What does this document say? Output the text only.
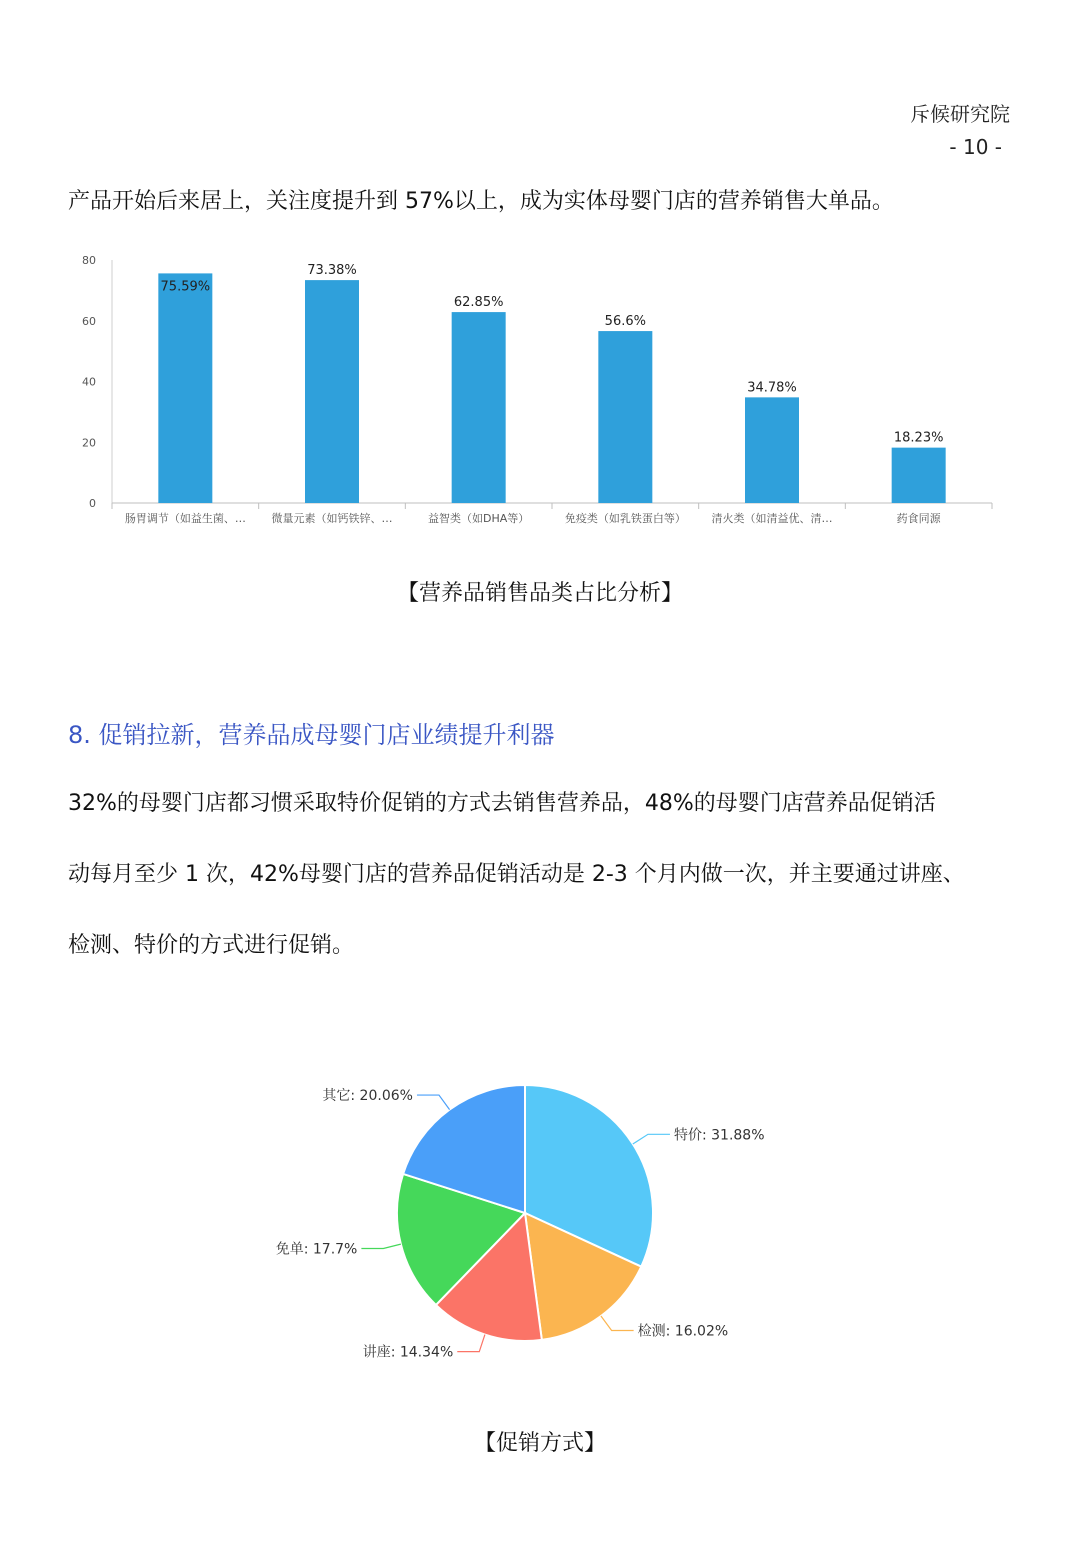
斥候研究院
- 10 -
产品开始后来居上，关注度提升到 57%以上，成为实体母婴门店的营养销售大单品。
0
20
40
60
80
75.59%
肠胃调节（如益生菌、…
73.38%
微量元素（如钙铁锌、…
62.85%
益智类（如DHA等）
56.6%
免疫类（如乳铁蛋白等）
34.78%
清火类（如清益优、清…
18.23%
药食同源
【营养品销售品类占比分析】
8. 促销拉新，营养品成母婴门店业绩提升利器
32%的母婴门店都习惯采取特价促销的方式去销售营养品，48%的母婴门店营养品促销活
动每月至少 1 次，42%母婴门店的营养品促销活动是 2-3 个月内做一次，并主要通过讲座、
检测、特价的方式进行促销。
特价: 31.88%
检测: 16.02%
讲座: 14.34%
免单: 17.7%
其它: 20.06%
【促销方式】
